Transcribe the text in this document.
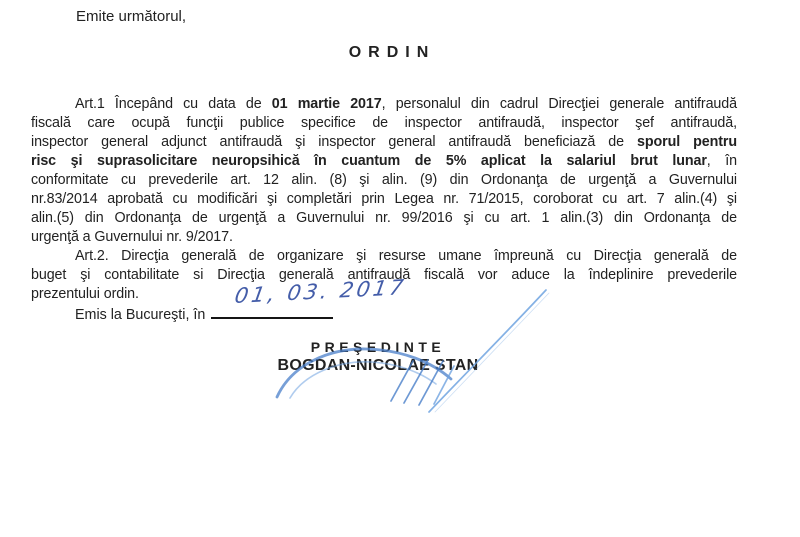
Emite următorul,
ORDIN
Art.1 Începând cu data de 01 martie 2017, personalul din cadrul Direcţiei generale antifraudă
fiscală care ocupă funcţii publice specifice de inspector antifraudă, inspector şef antifraudă,
inspector general adjunct antifraudă şi inspector general antifraudă beneficiază de sporul pentru
risc şi suprasolicitare neuropsihică în cuantum de 5% aplicat la salariul brut lunar, în
conformitate cu prevederile art. 12 alin. (8) şi alin. (9) din Ordonanţa de urgenţă a Guvernului
nr.83/2014 aprobată cu modificări şi completări prin Legea nr. 71/2015, coroborat cu art. 7 alin.(4) şi
alin.(5) din Ordonanţa de urgenţă a Guvernului nr. 99/2016 şi cu art. 1 alin.(3) din Ordonanţa de
urgenţă a Guvernului nr. 9/2017.
Art.2. Direcţia generală de organizare şi resurse umane împreună cu Direcţia generală de
buget şi contabilitate si Direcţia generală antifraudă fiscală vor aduce la îndeplinire prevederile
prezentului ordin.
Emis la Bucureşti, în
01, 03. 2017
PREŞEDINTE
BOGDAN-NICOLAE STAN
